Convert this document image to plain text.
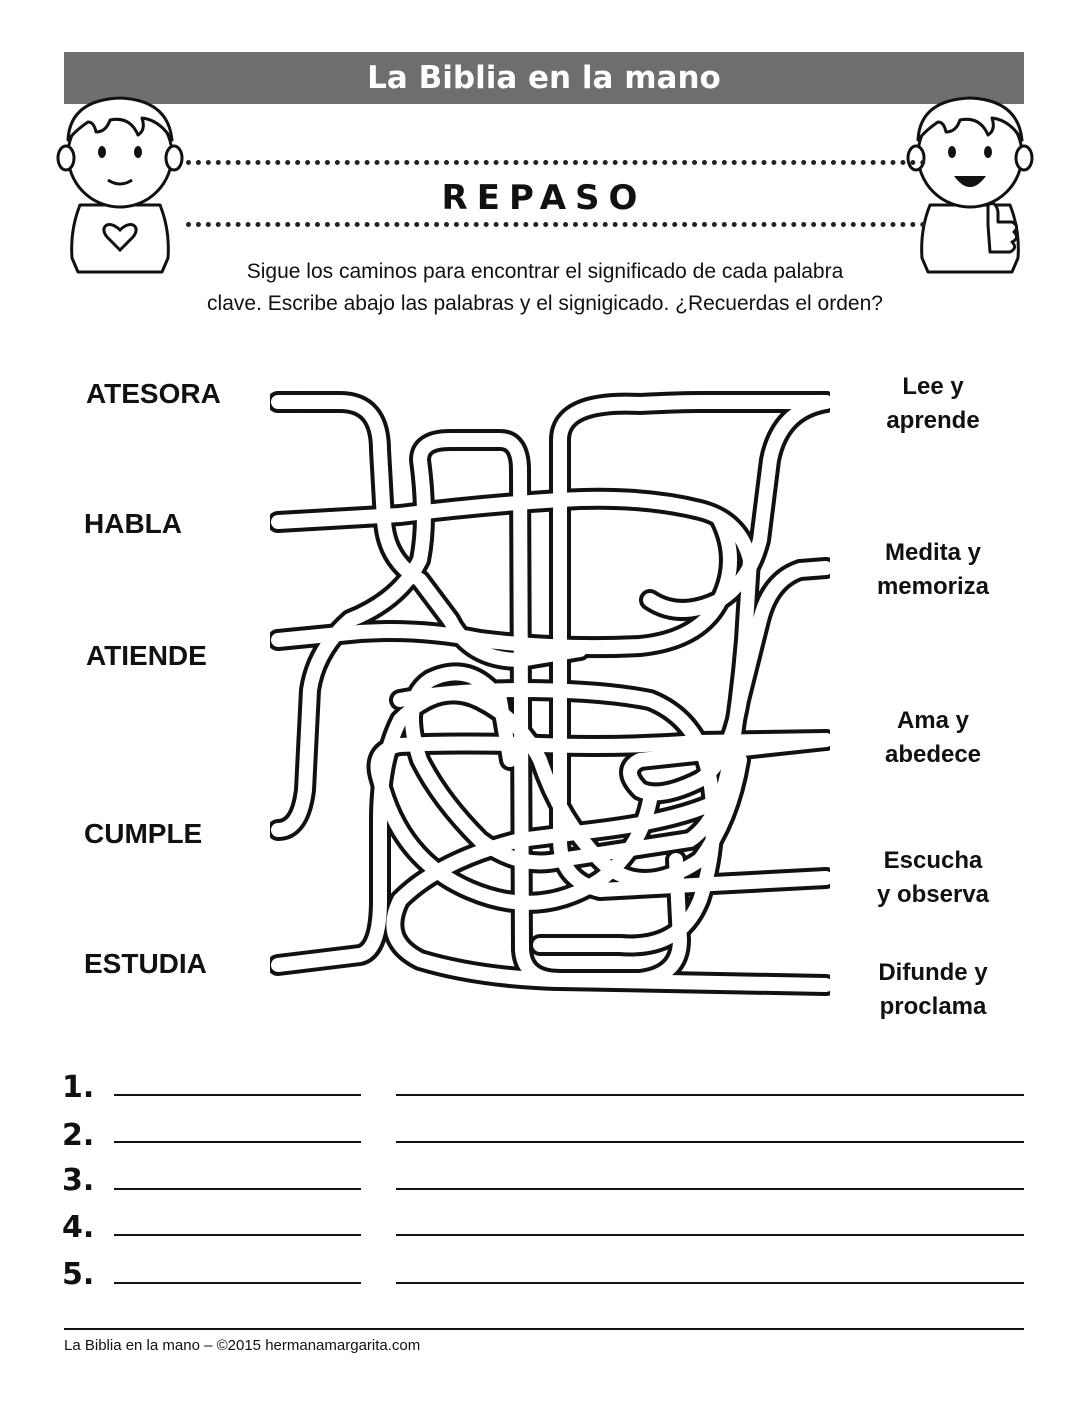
La Biblia en la mano
REPASO
Sigue los caminos para encontrar el significado de cada palabra
clave. Escribe abajo las palabras y el signigicado. ¿Recuerdas el orden?
ATESORA
HABLA
ATIENDE
CUMPLE
ESTUDIA
Lee y
aprende
Medita y
memoriza
Ama y
abedece
Escucha
y observa
Difunde y
proclama
1.
2.
3.
4.
5.
La Biblia en la mano – ©2015 hermanamargarita.com
